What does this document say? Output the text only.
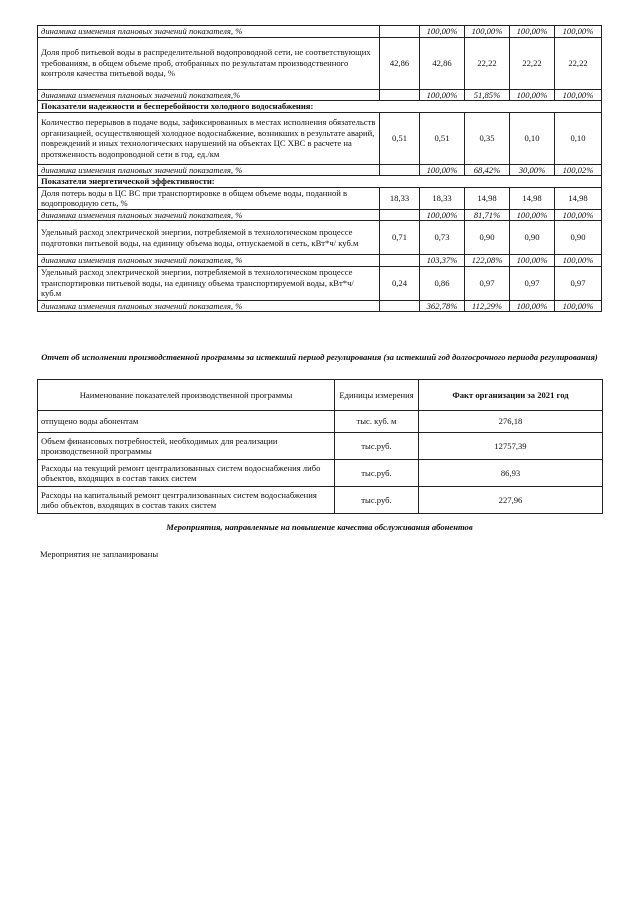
динамика изменения плановых значений показателя, %		100,00%	100,00%	100,00%	100,00%
Доля проб питьевой воды в распределительной водопроводной сети, не соответствующих требованиям, в общем объеме проб, отобранных по результатам производственного контроля качества питьевой воды, %	42,86	42,86	22,22	22,22	22,22
динамика изменения плановых значений показателя,%		100,00%	51,85%	100,00%	100,00%
Показатели надежности и бесперебойности холодного водоснабжения:					
Количество перерывов в подаче воды, зафиксированных в местах исполнения обязательств организацией, осуществляющей холодное водоснабжение, возникших в результате аварий, повреждений и иных технологических нарушений на объектах ЦС ХВС в расчете на протяженность водопроводной сети в год, ед./км	0,51	0,51	0,35	0,10	0,10
динамика изменения плановых значений показателя, %		100,00%	68,42%	30,00%	100,02%
Показатели энергетической эффективности:					
Доля потерь воды в ЦС ВС при транспортировке в общем объеме воды, поданной в водопроводную сеть, %	18,33	18,33	14,98	14,98	14,98
динамика изменения плановых значений показателя, %		100,00%	81,71%	100,00%	100,00%
Удельный расход электрической энергии, потребляемой в технологическом процессе подготовки питьевой воды, на единицу объема воды, отпускаемой в сеть, кВт*ч/ куб.м	0,71	0,73	0,90	0,90	0,90
динамика изменения плановых значений показателя, %		103,37%	122,08%	100,00%	100,00%
Удельный расход электрической энергии, потребляемой в технологическом процессе транспортировки питьевой воды, на единицу объема транспортируемой воды, кВт*ч/ куб.м	0,24	0,86	0,97	0,97	0,97
динамика изменения плановых значений показателя, %		362,78%	112,29%	100,00%	100,00%
Отчет об исполнении производственной программы за истекший период регулирования (за истекший год долгосрочного периода регулирования)
Наименование показателей производственной программы	Единицы измерения	Факт организации за 2021 год
отпущено воды абонентам	тыс. куб. м	276,18
Объем финансовых потребностей, необходимых для реализации производственной программы	тыс.руб.	12757,39
Расходы на текущий ремонт централизованных систем водоснабжения либо объектов, входящих в состав таких систем	тыс.руб.	86,93
Расходы на капитальный ремонт централизованных систем водоснабжения либо объектов, входящих в состав таких систем	тыс.руб.	227,96
Мероприятия, направленные на повышение качества обслуживания абонентов
Мероприятия не запланированы
